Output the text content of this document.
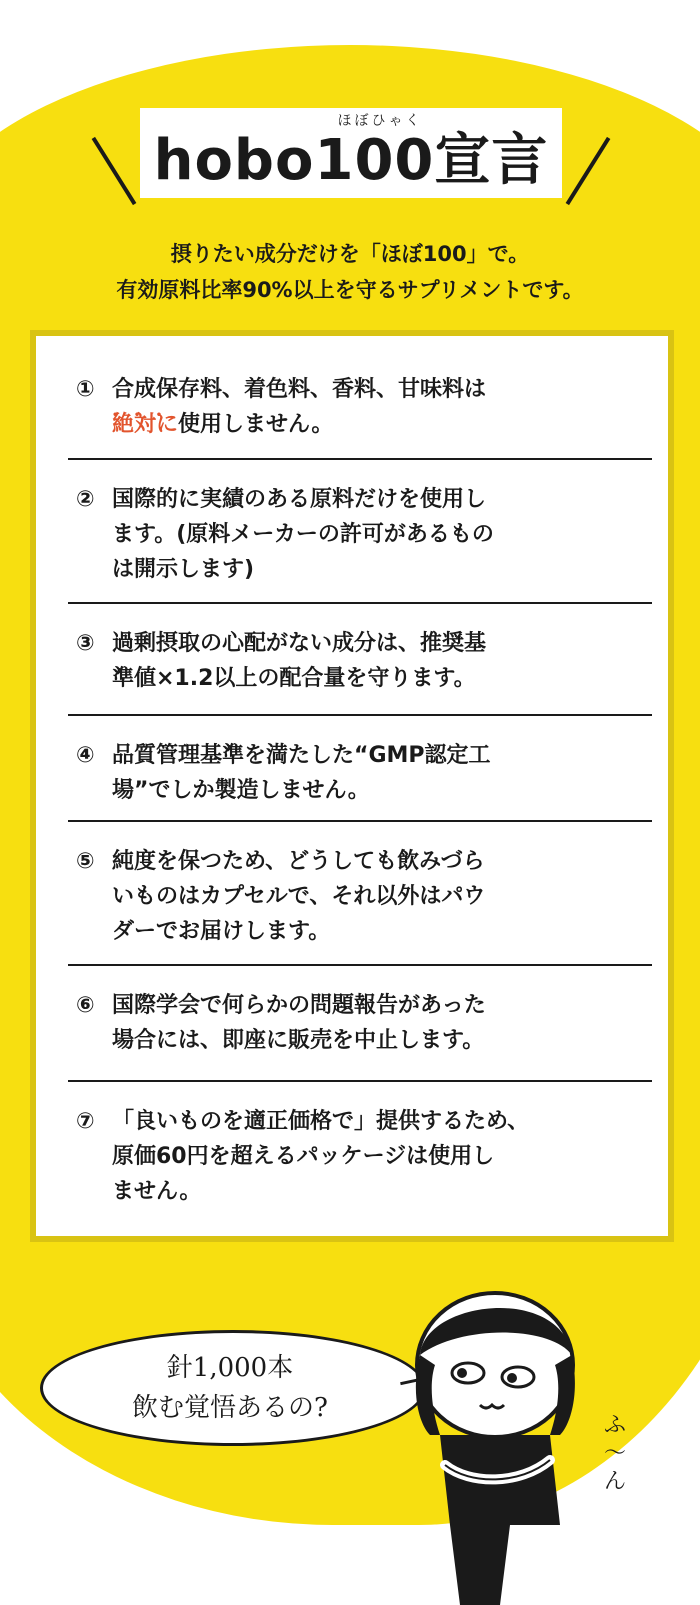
ほぼひゃく
hobo100宣言
摂りたい成分だけを「ほぼ100」で。
有効原料比率90%以上を守るサプリメントです。
① 合成保存料、着色料、香料、甘味料は
• • • 絶対に使用しません。
② 国際的に実績のある原料だけを使用し
ます。(原料メーカーの許可があるもの
は開示します)
③ 過剰摂取の心配がない成分は、推奨基
準値×1.2以上の配合量を守ります。
④ 品質管理基準を満たした“GMP認定工
場”でしか製造しません。
⑤ 純度を保つため、どうしても飲みづら
いものはカプセルで、それ以外はパウ
ダーでお届けします。
⑥ 国際学会で何らかの問題報告があった
場合には、即座に販売を中止します。
⑦ 「良いものを適正価格で」提供するため、
原価60円を超えるパッケージは使用し
ません。
針1,000本
飲む覚悟あるの?
ふ
〜
ん
